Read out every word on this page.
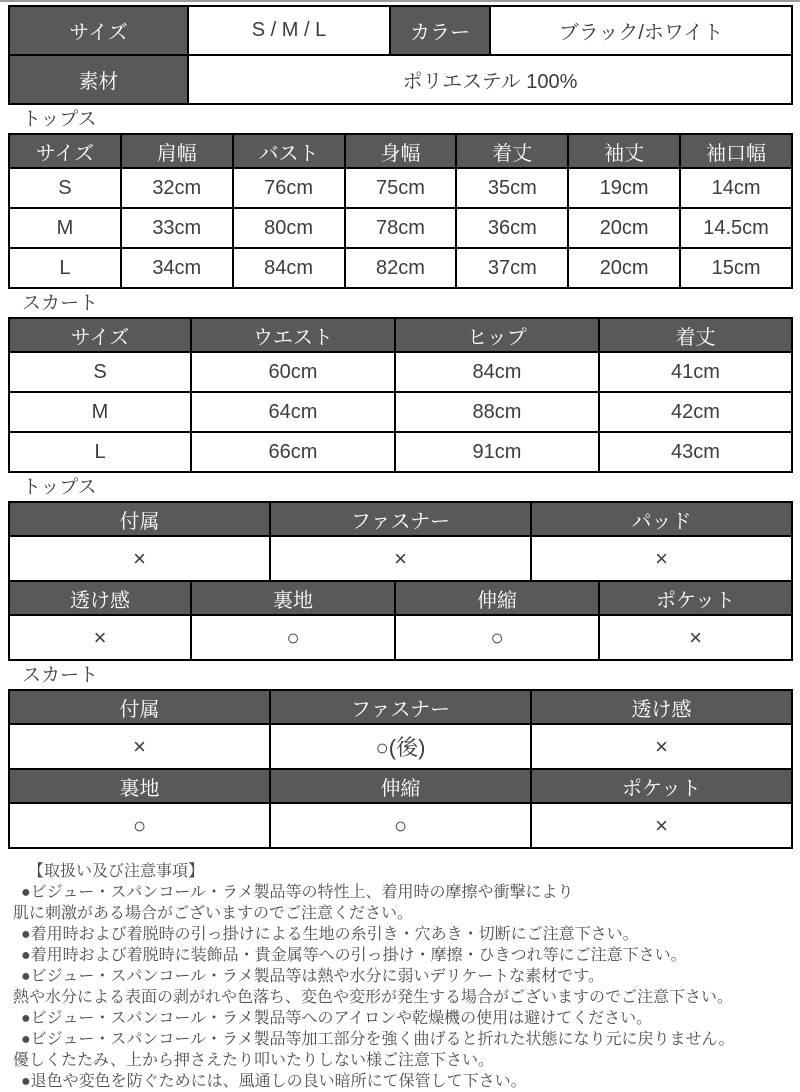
サイズ	S / M / L	カラー	ブラック/ホワイト
素材	ポリエステル 100%		
トップス
サイズ	肩幅	バスト	身幅	着丈	袖丈	袖口幅
S	32cm	76cm	75cm	35cm	19cm	14cm
M	33cm	80cm	78cm	36cm	20cm	14.5cm
L	34cm	84cm	82cm	37cm	20cm	15cm
スカート
サイズ	ウエスト	ヒップ	着丈
S	60cm	84cm	41cm
M	64cm	88cm	42cm
L	66cm	91cm	43cm
トップス
付属	ファスナー	パッド
×	×	×
透け感	裏地	伸縮	ポケット
×	○	○	×
スカート
付属	ファスナー	透け感
×	○(後)	×
裏地	伸縮	ポケット
○	○	×

【取扱い及び注意事項】

●ビジュー・スパンコール・ラメ製品等の特性上、着用時の摩擦や衝撃により

肌に刺激がある場合がございますのでご注意ください。

●着用時および着脱時の引っ掛けによる生地の糸引き・穴あき・切断にご注意下さい。

●着用時および着脱時に装飾品・貴金属等への引っ掛け・摩擦・ひきつれ等にご注意下さい。

●ビジュー・スパンコール・ラメ製品等は熱や水分に弱いデリケートな素材です。

熱や水分による表面の剥がれや色落ち、変色や変形が発生する場合がございますのでご注意下さい。

●ビジュー・スパンコール・ラメ製品等へのアイロンや乾燥機の使用は避けてください。

●ビジュー・スパンコール・ラメ製品等加工部分を強く曲げると折れた状態になり元に戻りません。

優しくたたみ、上から押さえたり叩いたりしない様ご注意下さい。

●退色や変色を防ぐためには、風通しの良い暗所にて保管して下さい。
